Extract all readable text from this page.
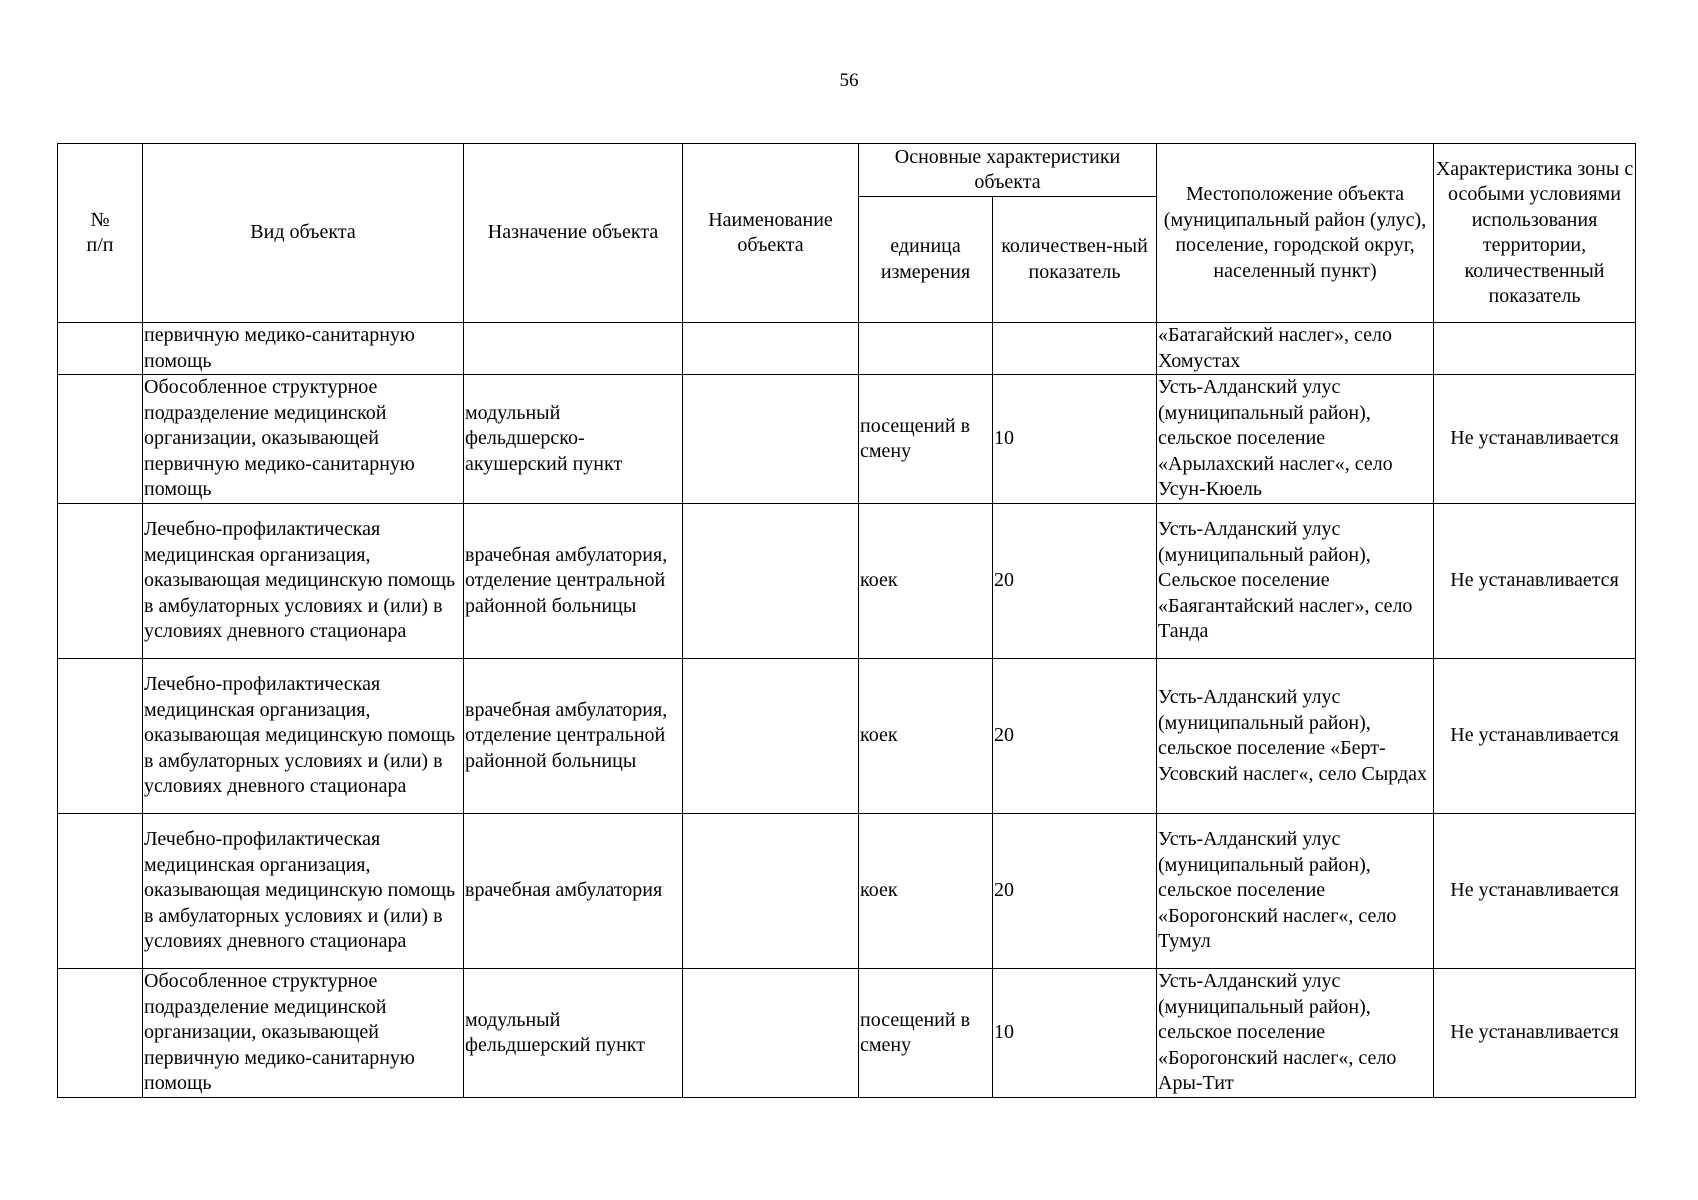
56
№
п/п	Вид объекта	Назначение объекта	Наименование объекта	Основные характеристики объекта		Местоположение объекта (муниципальный район (улус), поселение, городской округ, населенный пункт)	Характеристика зоны с особыми условиями использования территории, количественный показатель
				единица измерения	количествен-ный показатель		
	первичную медико-санитарную помощь					«Батагайский наслег», село Хомустах	
	Обособленное структурное подразделение медицинской организации, оказывающей первичную медико-санитарную помощь	модульный фельдшерско-акушерский пункт		посещений в смену	10	Усть-Алданский улус (муниципальный район), сельское поселение «Арылахский наслег«, село Усун-Кюель	Не устанавливается
	Лечебно-профилактическая медицинская организация, оказывающая медицинскую помощь в амбулаторных условиях и (или) в условиях дневного стационара	врачебная амбулатория, отделение центральной районной больницы		коек	20	Усть-Алданский улус (муниципальный район), Сельское поселение «Баягантайский наслег», село Танда	Не устанавливается
	Лечебно-профилактическая медицинская организация, оказывающая медицинскую помощь в амбулаторных условиях и (или) в условиях дневного стационара	врачебная амбулатория, отделение центральной районной больницы		коек	20	Усть-Алданский улус (муниципальный район), сельское поселение «Берт-Усовский наслег«, село Сырдах	Не устанавливается
	Лечебно-профилактическая медицинская организация, оказывающая медицинскую помощь в амбулаторных условиях и (или) в условиях дневного стационара	врачебная амбулатория		коек	20	Усть-Алданский улус (муниципальный район), сельское поселение «Борогонский наслег«, село Тумул	Не устанавливается
	Обособленное структурное подразделение медицинской организации, оказывающей первичную медико-санитарную помощь	модульный фельдшерский пункт		посещений в смену	10	Усть-Алданский улус (муниципальный район), сельское поселение «Борогонский наслег«, село Ары-Тит	Не устанавливается
